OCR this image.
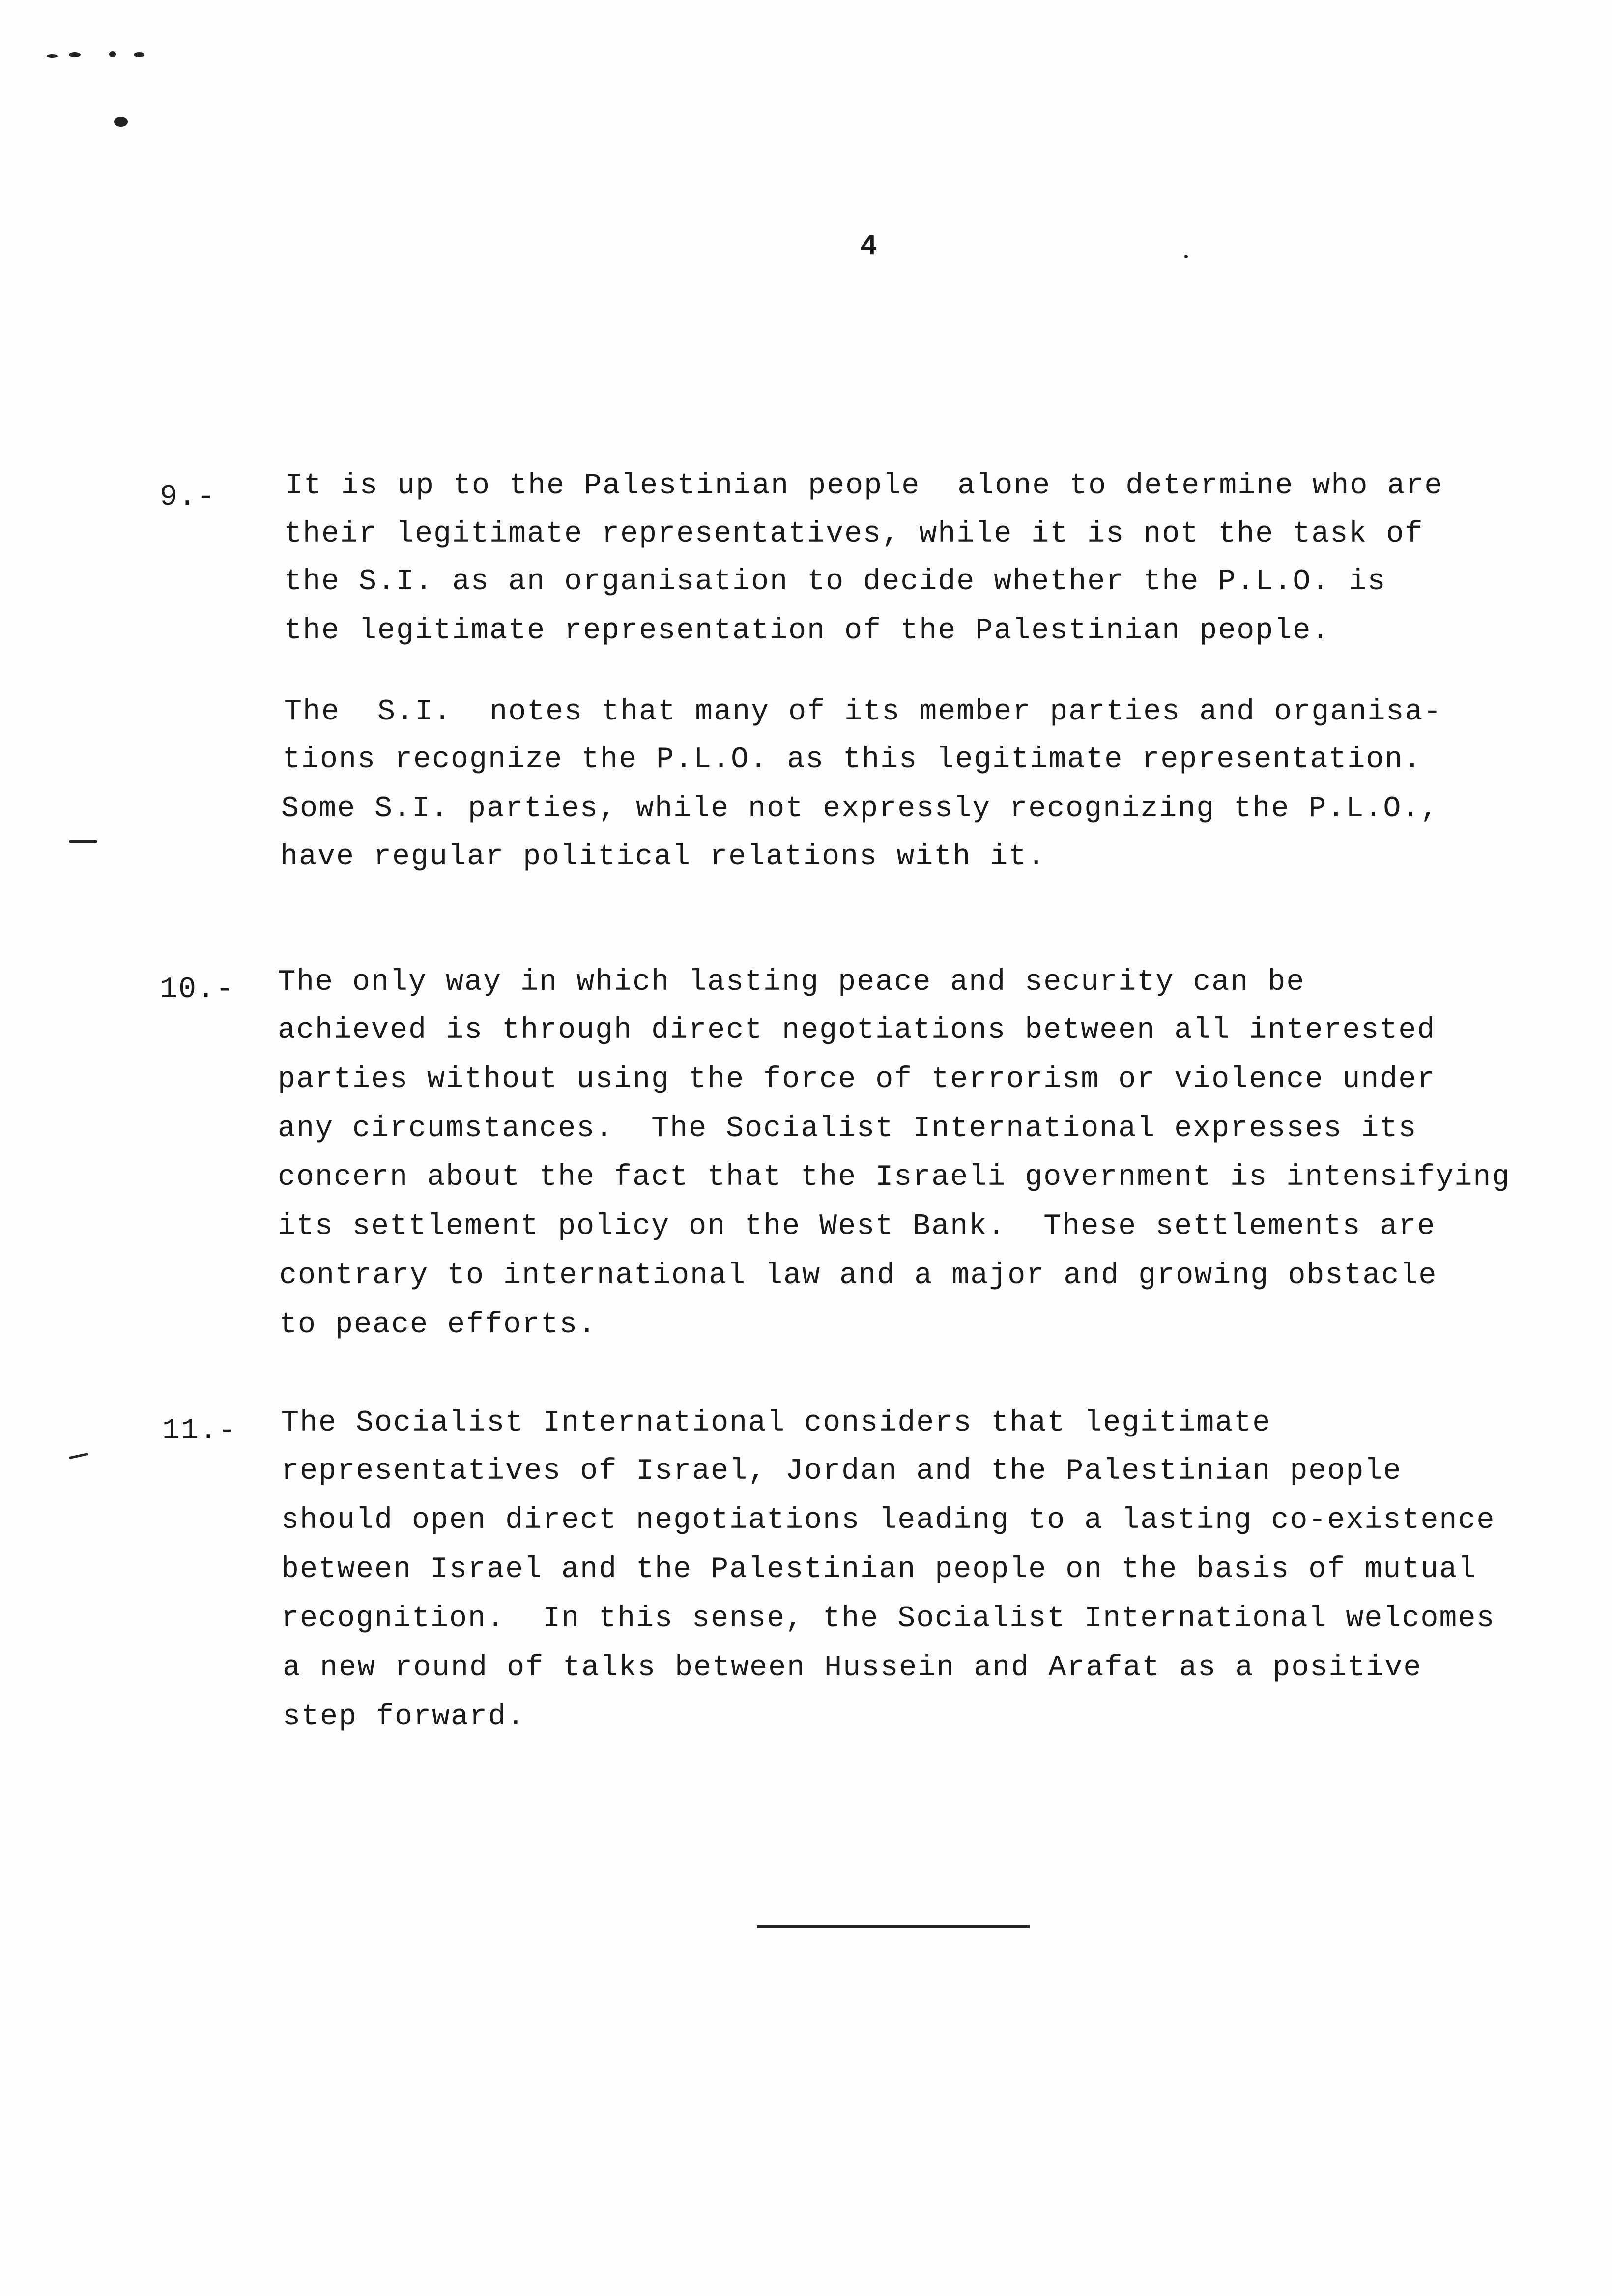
4
9.- It is up to the Palestinian people  alone to determine who are
their legitimate representatives, while it is not the task of
the S.I. as an organisation to decide whether the P.L.O. is
the legitimate representation of the Palestinian people.
The  S.I.  notes that many of its member parties and organisa-
tions recognize the P.L.O. as this legitimate representation.
Some S.I. parties, while not expressly recognizing the P.L.O.,
have regular political relations with it.
10.- The only way in which lasting peace and security can be
achieved is through direct negotiations between all interested
parties without using the force of terrorism or violence under
any circumstances.  The Socialist International expresses its
concern about the fact that the Israeli government is intensifying
its settlement policy on the West Bank.  These settlements are
contrary to international law and a major and growing obstacle
to peace efforts.
11.- The Socialist International considers that legitimate
representatives of Israel, Jordan and the Palestinian people
should open direct negotiations leading to a lasting co-existence
between Israel and the Palestinian people on the basis of mutual
recognition.  In this sense, the Socialist International welcomes
a new round of talks between Hussein and Arafat as a positive
step forward.
